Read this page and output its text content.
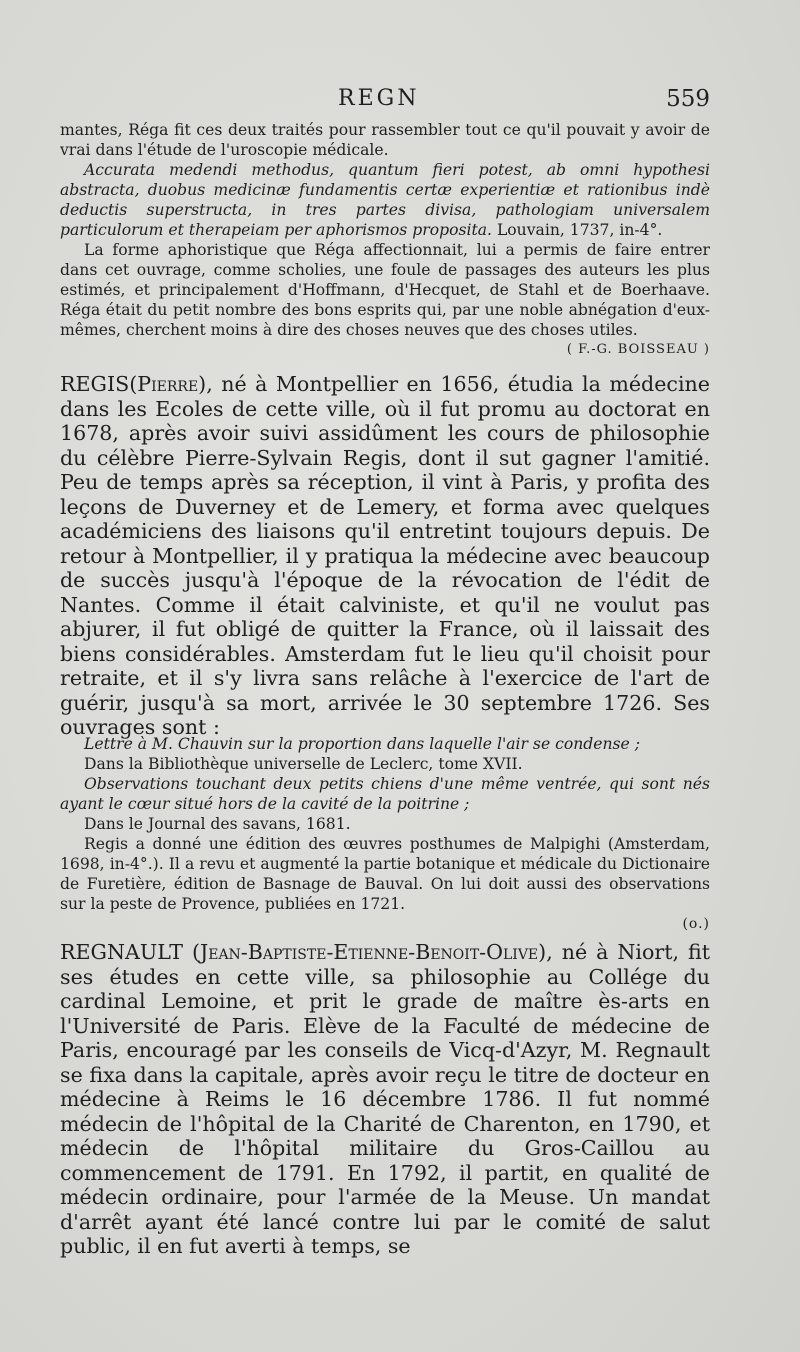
REGN	559

mantes, Réga fit ces deux traités pour rassembler tout ce qu'il pouvait y avoir de vrai dans l'étude de l'uroscopie médicale.

Accurata medendi methodus, quantum fieri potest, ab omni hypothesi abstracta, duobus medicinæ fundamentis certæ experientiæ et rationibus indè deductis superstructa, in tres partes divisa, pathologiam universalem particulorum et therapeiam per aphorismos proposita. Louvain, 1737, in-4°.

La forme aphoristique que Réga affectionnait, lui a permis de faire entrer dans cet ouvrage, comme scholies, une foule de passages des auteurs les plus estimés, et principalement d'Hoffmann, d'Hecquet, de Stahl et de Boerhaave. Réga était du petit nombre des bons esprits qui, par une noble abnégation d'eux-mêmes, cherchent moins à dire des choses neuves que des choses utiles.
( F.-G. BOISSEAU )

REGIS(Pierre), né à Montpellier en 1656, étudia la médecine dans les Ecoles de cette ville, où il fut promu au doctorat en 1678, après avoir suivi assidûment les cours de philosophie du célèbre Pierre-Sylvain Regis, dont il sut gagner l'amitié. Peu de temps après sa réception, il vint à Paris, y profita des leçons de Duverney et de Lemery, et forma avec quelques académiciens des liaisons qu'il entretint toujours depuis. De retour à Montpellier, il y pratiqua la médecine avec beaucoup de succès jusqu'à l'époque de la révocation de l'édit de Nantes. Comme il était calviniste, et qu'il ne voulut pas abjurer, il fut obligé de quitter la France, où il laissait des biens considérables. Amsterdam fut le lieu qu'il choisit pour retraite, et il s'y livra sans relâche à l'exercice de l'art de guérir, jusqu'à sa mort, arrivée le 30 septembre 1726. Ses ouvrages sont :

Lettre à M. Chauvin sur la proportion dans laquelle l'air se condense ;

Dans la Bibliothèque universelle de Leclerc, tome XVII.

Observations touchant deux petits chiens d'une même ventrée, qui sont nés ayant le cœur situé hors de la cavité de la poitrine ;

Dans le Journal des savans, 1681.

Regis a donné une édition des œuvres posthumes de Malpighi (Amsterdam, 1698, in-4°.). Il a revu et augmenté la partie botanique et médicale du Dictionaire de Furetière, édition de Basnage de Bauval. On lui doit aussi des observations sur la peste de Provence, publiées en 1721.

(o.)

REGNAULT (Jean-Baptiste-Etienne-Benoit-Olive), né à Niort, fit ses études en cette ville, sa philosophie au Collége du cardinal Lemoine, et prit le grade de maître ès-arts en l'Université de Paris. Elève de la Faculté de médecine de Paris, encouragé par les conseils de Vicq-d'Azyr, M. Regnault se fixa dans la capitale, après avoir reçu le titre de docteur en médecine à Reims le 16 décembre 1786. Il fut nommé médecin de l'hôpital de la Charité de Charenton, en 1790, et médecin de l'hôpital militaire du Gros-Caillou au commencement de 1791. En 1792, il partit, en qualité de médecin ordinaire, pour l'armée de la Meuse. Un mandat d'arrêt ayant été lancé contre lui par le comité de salut public, il en fut averti à temps, se
